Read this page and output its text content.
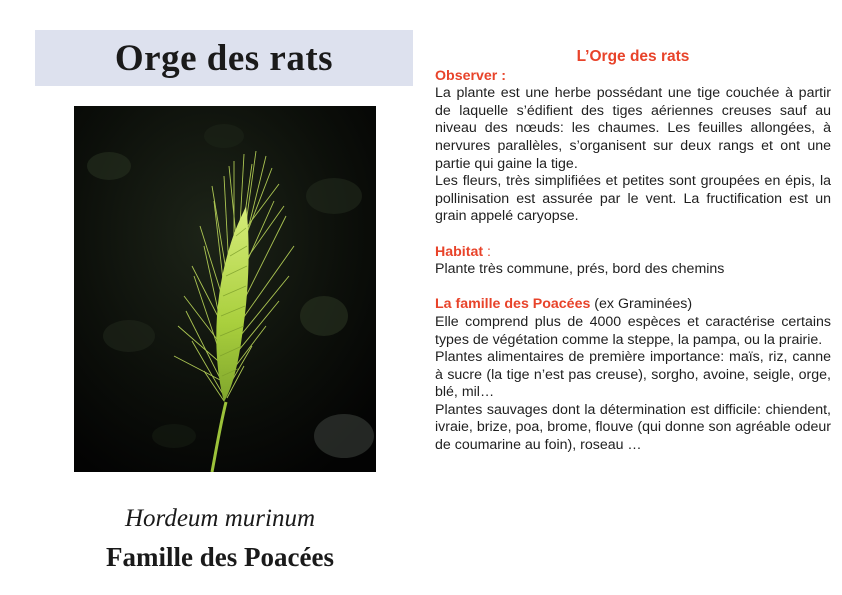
Orge des rats
Hordeum murinum
Famille des Poacées
L’Orge des rats
Observer :

La plante est une herbe possédant une tige couchée à partir de laquelle s’édifient des tiges aériennes creuses sauf au niveau des nœuds: les chaumes. Les feuilles allongées, à nervures parallèles, s’organisent sur deux rangs et ont une partie qui gaine la tige.

Les fleurs, très simplifiées et petites sont groupées en épis, la pollinisation est assurée par le vent. La fructification est un grain appelé caryopse.

Habitat :

Plante très commune, prés, bord des chemins

La famille des Poacées (ex Graminées)

Elle comprend plus de 4000 espèces et caractérise certains types de végétation comme la steppe, la pampa, ou la prairie.

Plantes alimentaires de première importance: maïs, riz, canne à sucre (la tige n’est pas creuse), sorgho, avoine, seigle, orge, blé, mil…

Plantes sauvages dont la détermination est difficile: chiendent, ivraie, brize, poa, brome, flouve (qui donne son agréable odeur de coumarine au foin), roseau …
